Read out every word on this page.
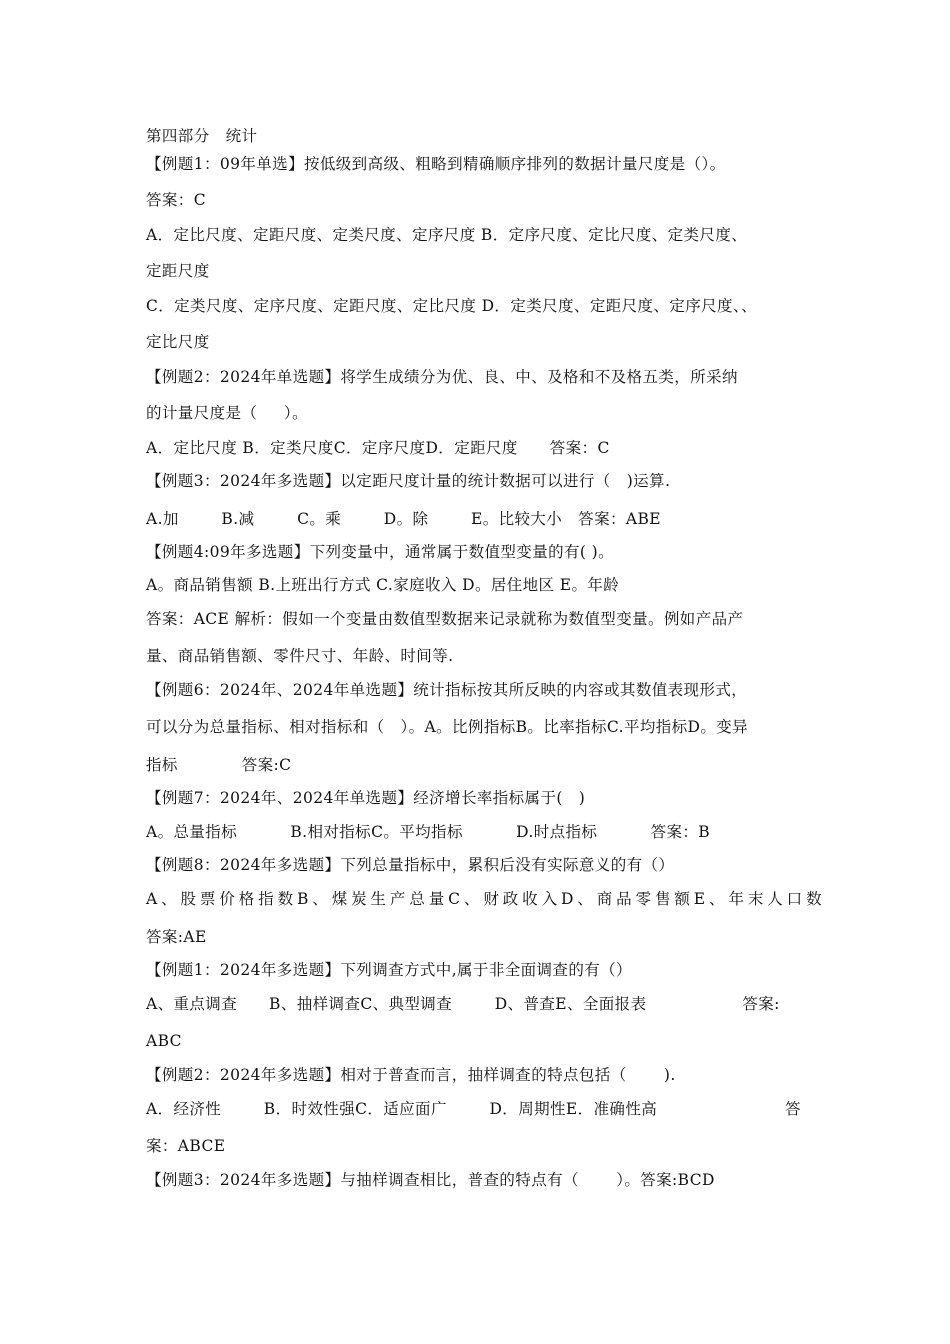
第四部分   统计
【例题1：09年单选】按低级到高级、粗略到精确顺序排列的数据计量尺度是（）。
答案：C
A．定比尺度、定距尺度、定类尺度、定序尺度 B．定序尺度、定比尺度、定类尺度、
定距尺度
C．定类尺度、定序尺度、定距尺度、定比尺度 D．定类尺度、定距尺度、定序尺度、、
定比尺度
【例题2：2024年单选题】将学生成绩分为优、良、中、及格和不及格五类，所采纳
的计量尺度是（     ）。
A．定比尺度 B．定类尺度C．定序尺度D．定距尺度      答案：C
【例题3：2024年多选题】以定距尺度计量的统计数据可以进行（   )运算.
A.加        B.减        C。乘        D。除        E。比较大小   答案：ABE
【例题4:09年多选题】下列变量中，通常属于数值型变量的有( )。
A。商品销售额 B.上班出行方式 C.家庭收入 D。居住地区 E。年龄
答案：ACE 解析：假如一个变量由数值型数据来记录就称为数值型变量。例如产品产
量、商品销售额、零件尺寸、年龄、时间等.
【例题6：2024年、2024年单选题】统计指标按其所反映的内容或其数值表现形式，
可以分为总量指标、相对指标和（   ）。A。比例指标B。比率指标C.平均指标D。变异
指标            答案:C
【例题7：2024年、2024年单选题】经济增长率指标属于(   )
A。总量指标          B.相对指标C。平均指标          D.时点指标          答案：B
【例题8：2024年多选题】下列总量指标中，累积后没有实际意义的有（）
A、股票价格指数B、煤炭生产总量C、财政收入D、商品零售额E、年末人口数
答案:AE
【例题1：2024年多选题】下列调查方式中,属于非全面调查的有（）
A、重点调查      B、抽样调查C、典型调查        D、普查E、全面报表                  答案:
ABC
【例题2：2024年多选题】相对于普查而言，抽样调查的特点包括（       ).
A．经济性        B．时效性强C．适应面广        D．周期性E．准确性高                        答
案：ABCE
【例题3：2024年多选题】与抽样调查相比，普查的特点有（       ）。答案:BCD
